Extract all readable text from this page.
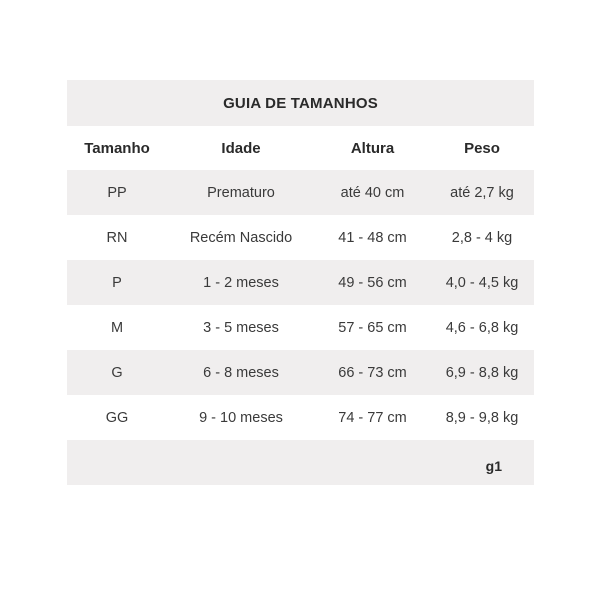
GUIA DE TAMANHOS
Tamanho	Idade	Altura	Peso
PP	Prematuro	até 40 cm	até 2,7 kg
RN	Recém Nascido	41 - 48 cm	2,8 - 4 kg
P	1 - 2 meses	49 - 56 cm	4,0 - 4,5 kg
M	3 - 5 meses	57 - 65 cm	4,6 - 6,8 kg
G	6 - 8 meses	66 - 73 cm	6,9 - 8,8 kg
GG	9 - 10 meses	74 - 77 cm	8,9 - 9,8 kg
g1
